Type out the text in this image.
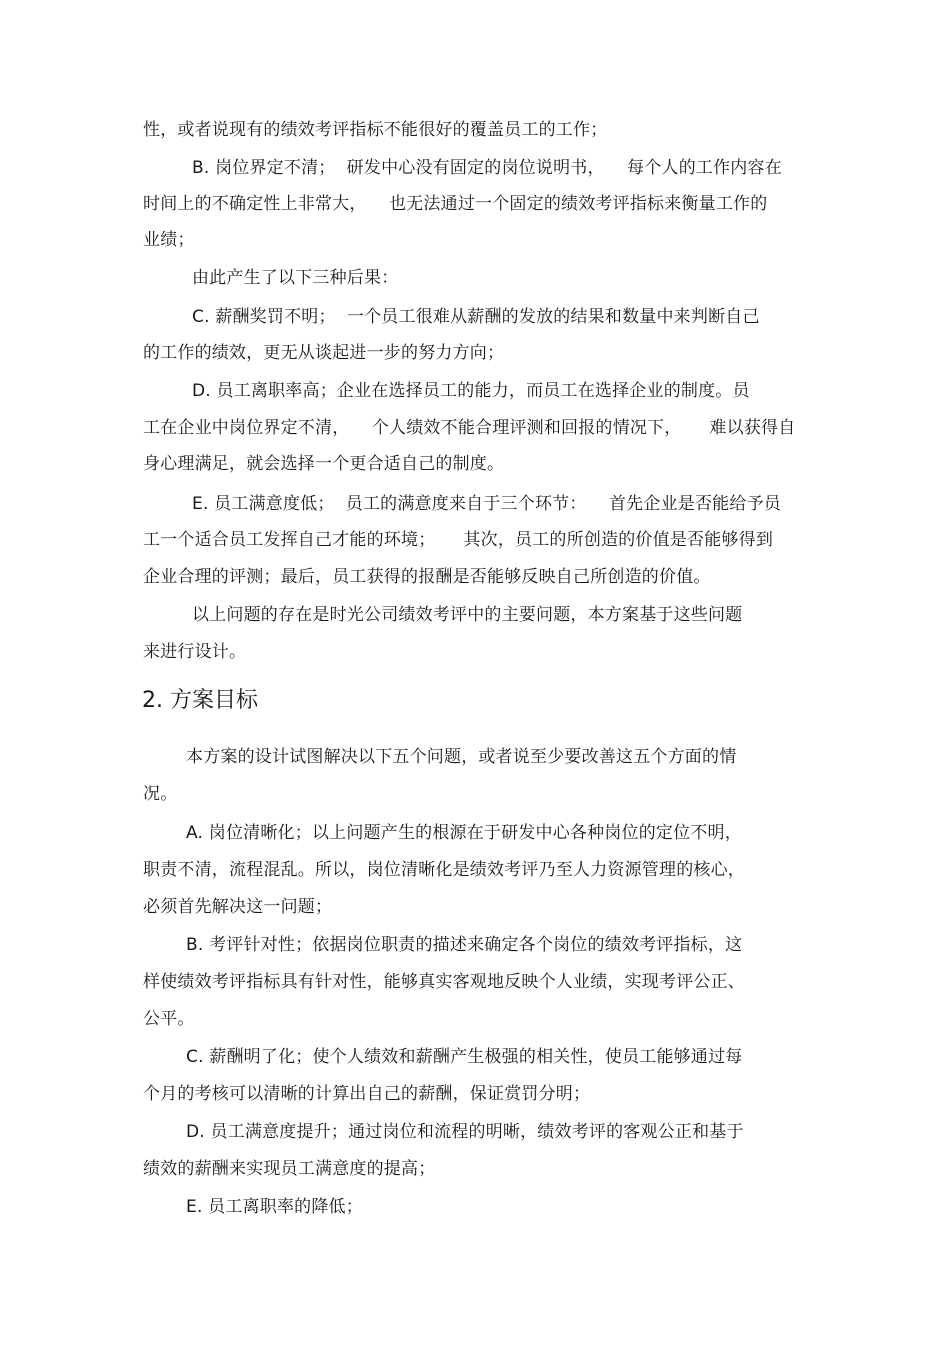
性，或者说现有的绩效考评指标不能很好的覆盖员工的工作；
B. 岗位界定不清；  研发中心没有固定的岗位说明书，    每个人的工作内容在
时间上的不确定性上非常大，    也无法通过一个固定的绩效考评指标来衡量工作的
业绩；
由此产生了以下三种后果：
C. 薪酬奖罚不明；  一个员工很难从薪酬的发放的结果和数量中来判断自己
的工作的绩效，更无从谈起进一步的努力方向；
D. 员工离职率高；企业在选择员工的能力，而员工在选择企业的制度。员
工在企业中岗位界定不清，    个人绩效不能合理评测和回报的情况下，     难以获得自
身心理满足，就会选择一个更合适自己的制度。
E. 员工满意度低；  员工的满意度来自于三个环节：    首先企业是否能给予员
工一个适合员工发挥自己才能的环境；     其次，员工的所创造的价值是否能够得到
企业合理的评测；最后，员工获得的报酬是否能够反映自己所创造的价值。
以上问题的存在是时光公司绩效考评中的主要问题，本方案基于这些问题
来进行设计。
2. 方案目标
本方案的设计试图解决以下五个问题，或者说至少要改善这五个方面的情
况。
A. 岗位清晰化；以上问题产生的根源在于研发中心各种岗位的定位不明，
职责不清，流程混乱。所以，岗位清晰化是绩效考评乃至人力资源管理的核心，
必须首先解决这一问题；
B. 考评针对性；依据岗位职责的描述来确定各个岗位的绩效考评指标，这
样使绩效考评指标具有针对性，能够真实客观地反映个人业绩，实现考评公正、
公平。
C. 薪酬明了化；使个人绩效和薪酬产生极强的相关性，使员工能够通过每
个月的考核可以清晰的计算出自己的薪酬，保证赏罚分明；
D. 员工满意度提升；通过岗位和流程的明晰，绩效考评的客观公正和基于
绩效的薪酬来实现员工满意度的提高；
E. 员工离职率的降低；
